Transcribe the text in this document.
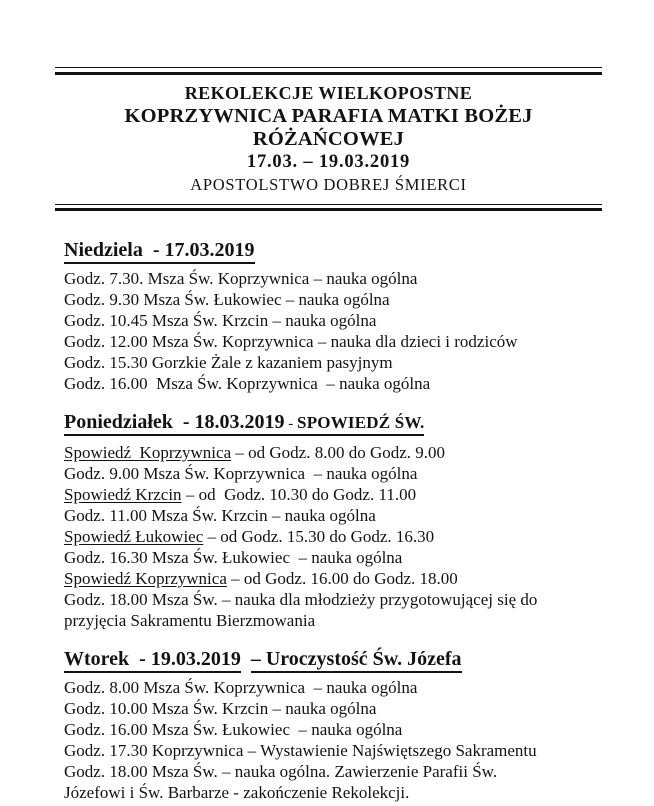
REKOLEKCJE WIELKOPOSTNE
KOPRZYWNICA PARAFIA MATKI BOŻEJ RÓŻAŃCOWEJ
17.03. – 19.03.2019
APOSTOLSTWO DOBREJ ŚMIERCI
Niedziela  - 17.03.2019
Godz. 7.30. Msza Św. Koprzywnica – nauka ogólna
Godz. 9.30 Msza Św. Łukowiec – nauka ogólna
Godz. 10.45 Msza Św. Krzcin – nauka ogólna
Godz. 12.00 Msza Św. Koprzywnica – nauka dla dzieci i rodziców
Godz. 15.30 Gorzkie Żale z kazaniem pasyjnym
Godz. 16.00  Msza Św. Koprzywnica  – nauka ogólna
Poniedziałek  - 18.03.2019 - SPOWIEDŹ ŚW.
Spowiedź  Koprzywnica – od Godz. 8.00 do Godz. 9.00
Godz. 9.00 Msza Św. Koprzywnica  – nauka ogólna
Spowiedź Krzcin – od  Godz. 10.30 do Godz. 11.00
Godz. 11.00 Msza Św. Krzcin – nauka ogólna
Spowiedź Łukowiec – od Godz. 15.30 do Godz. 16.30
Godz. 16.30 Msza Św. Łukowiec  – nauka ogólna
Spowiedź Koprzywnica – od Godz. 16.00 do Godz. 18.00
Godz. 18.00 Msza Św. – nauka dla młodzieży przygotowującej się do
przyjęcia Sakramentu Bierzmowania
Wtorek  - 19.03.2019 – Uroczystość Św. Józefa
Godz. 8.00 Msza Św. Koprzywnica  – nauka ogólna
Godz. 10.00 Msza Św. Krzcin – nauka ogólna
Godz. 16.00 Msza Św. Łukowiec  – nauka ogólna
Godz. 17.30 Koprzywnica – Wystawienie Najświętszego Sakramentu
Godz. 18.00 Msza Św. – nauka ogólna. Zawierzenie Parafii Św.
Józefowi i Św. Barbarze - zakończenie Rekolekcji.
